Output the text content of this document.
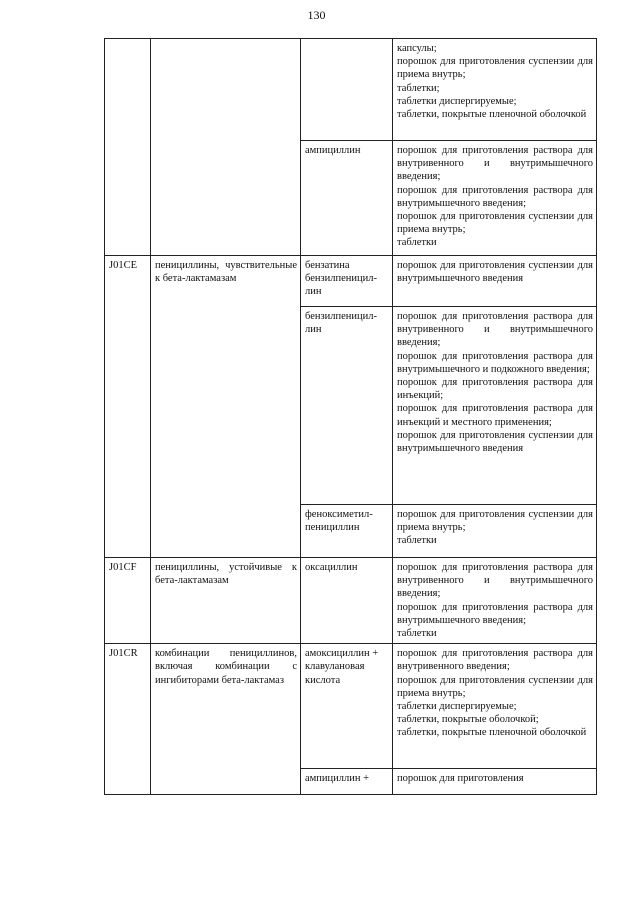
130

			капсулы;
порошок для приготовления суспензии для приема внутрь;
таблетки;
таблетки диспергируемые;
таблетки, покрытые пленочной оболочкой

		ампициллин	порошок для приготовления раствора для внутривенного и внутримышечного введения;
порошок для приготовления раствора для внутримышечного введения;
порошок для приготовления суспензии для приема внутрь;
таблетки

J01CE	пенициллины, чувствительные к бета-лактамазам	бензатина бензилпеницил-лин	порошок для приготовления суспензии для внутримышечного введения

		бензилпеницил-лин	порошок для приготовления раствора для внутривенного и внутримышечного введения;
порошок для приготовления раствора для внутримышечного и подкожного введения;
порошок для приготовления раствора для инъекций;
порошок для приготовления раствора для инъекций и местного применения;
порошок для приготовления суспензии для внутримышечного введения

		феноксиметил-пенициллин	порошок для приготовления суспензии для приема внутрь;
таблетки

J01CF	пенициллины, устойчивые к бета-лактамазам	оксациллин	порошок для приготовления раствора для внутривенного и внутримышечного введения;
порошок для приготовления раствора для внутримышечного введения;
таблетки

J01CR	комбинации пенициллинов, включая комбинации с ингибиторами бета-лактамаз	амоксициллин + клавулановая кислота	порошок для приготовления раствора для внутривенного введения;
порошок для приготовления суспензии для приема внутрь;
таблетки диспергируемые;
таблетки, покрытые оболочкой;
таблетки, покрытые пленочной оболочкой

		ампициллин +	порошок для приготовления
